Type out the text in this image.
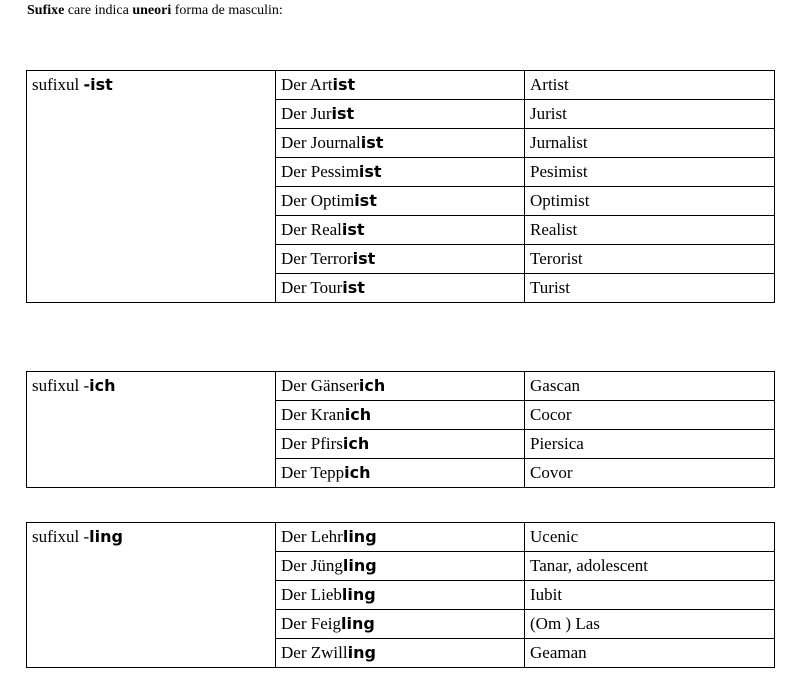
Sufixe care indica uneori forma de masculin:
sufixul -ist	Der Artist	Artist
	Der Jurist	Jurist
	Der Journalist	Jurnalist
	Der Pessimist	Pesimist
	Der Optimist	Optimist
	Der Realist	Realist
	Der Terrorist	Terorist
	Der Tourist	Turist
sufixul -ich	Der Gänserich	Gascan
	Der Kranich	Cocor
	Der Pfirsich	Piersica
	Der Teppich	Covor
sufixul -ling	Der Lehrling	Ucenic
	Der Jüngling	Tanar, adolescent
	Der Liebling	Iubit
	Der Feigling	(Om ) Las
	Der Zwilling	Geaman
